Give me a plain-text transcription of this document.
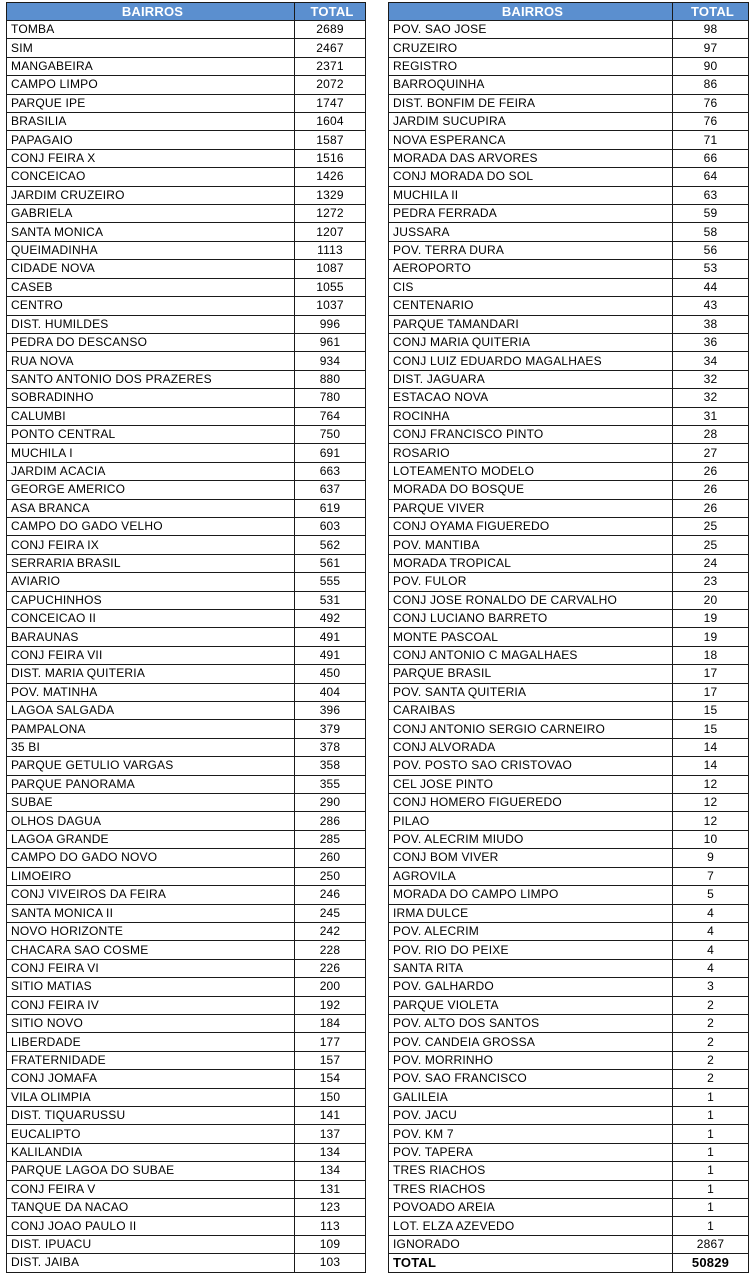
BAIRROS	TOTAL
TOMBA	2689
SIM	2467
MANGABEIRA	2371
CAMPO LIMPO	2072
PARQUE IPE	1747
BRASILIA	1604
PAPAGAIO	1587
CONJ FEIRA X	1516
CONCEICAO	1426
JARDIM CRUZEIRO	1329
GABRIELA	1272
SANTA MONICA	1207
QUEIMADINHA	1113
CIDADE NOVA	1087
CASEB	1055
CENTRO	1037
DIST. HUMILDES	996
PEDRA DO DESCANSO	961
RUA NOVA	934
SANTO ANTONIO DOS PRAZERES	880
SOBRADINHO	780
CALUMBI	764
PONTO CENTRAL	750
MUCHILA I	691
JARDIM ACACIA	663
GEORGE AMERICO	637
ASA BRANCA	619
CAMPO DO GADO VELHO	603
CONJ FEIRA IX	562
SERRARIA BRASIL	561
AVIARIO	555
CAPUCHINHOS	531
CONCEICAO II	492
BARAUNAS	491
CONJ FEIRA VII	491
DIST. MARIA QUITERIA	450
POV. MATINHA	404
LAGOA SALGADA	396
PAMPALONA	379
35 BI	378
PARQUE GETULIO VARGAS	358
PARQUE PANORAMA	355
SUBAE	290
OLHOS DAGUA	286
LAGOA GRANDE	285
CAMPO DO GADO NOVO	260
LIMOEIRO	250
CONJ VIVEIROS DA FEIRA	246
SANTA MONICA II	245
NOVO HORIZONTE	242
CHACARA SAO COSME	228
CONJ FEIRA VI	226
SITIO MATIAS	200
CONJ FEIRA IV	192
SITIO NOVO	184
LIBERDADE	177
FRATERNIDADE	157
CONJ JOMAFA	154
VILA OLIMPIA	150
DIST. TIQUARUSSU	141
EUCALIPTO	137
KALILANDIA	134
PARQUE LAGOA DO SUBAE	134
CONJ FEIRA V	131
TANQUE DA NACAO	123
CONJ JOAO PAULO II	113
DIST. IPUACU	109
DIST. JAIBA	103
BAIRROS	TOTAL
POV. SAO JOSE	98
CRUZEIRO	97
REGISTRO	90
BARROQUINHA	86
DIST. BONFIM DE FEIRA	76
JARDIM SUCUPIRA	76
NOVA ESPERANCA	71
MORADA DAS ARVORES	66
CONJ MORADA DO SOL	64
MUCHILA II	63
PEDRA FERRADA	59
JUSSARA	58
POV. TERRA DURA	56
AEROPORTO	53
CIS	44
CENTENARIO	43
PARQUE TAMANDARI	38
CONJ MARIA QUITERIA	36
CONJ LUIZ EDUARDO MAGALHAES	34
DIST. JAGUARA	32
ESTACAO NOVA	32
ROCINHA	31
CONJ FRANCISCO PINTO	28
ROSARIO	27
LOTEAMENTO MODELO	26
MORADA DO BOSQUE	26
PARQUE VIVER	26
CONJ OYAMA FIGUEREDO	25
POV. MANTIBA	25
MORADA TROPICAL	24
POV. FULOR	23
CONJ JOSE RONALDO DE CARVALHO	20
CONJ LUCIANO BARRETO	19
MONTE PASCOAL	19
CONJ ANTONIO C MAGALHAES	18
PARQUE BRASIL	17
POV. SANTA QUITERIA	17
CARAIBAS	15
CONJ ANTONIO SERGIO CARNEIRO	15
CONJ ALVORADA	14
POV. POSTO SAO CRISTOVAO	14
CEL JOSE PINTO	12
CONJ HOMERO FIGUEREDO	12
PILAO	12
POV. ALECRIM MIUDO	10
CONJ BOM VIVER	9
AGROVILA	7
MORADA DO CAMPO LIMPO	5
IRMA DULCE	4
POV. ALECRIM	4
POV. RIO DO PEIXE	4
SANTA RITA	4
POV. GALHARDO	3
PARQUE VIOLETA	2
POV. ALTO DOS SANTOS	2
POV. CANDEIA GROSSA	2
POV. MORRINHO	2
POV. SAO FRANCISCO	2
GALILEIA	1
POV. JACU	1
POV. KM 7	1
POV. TAPERA	1
TRES RIACHOS	1
TRES RIACHOS	1
POVOADO AREIA	1
LOT. ELZA AZEVEDO	1
IGNORADO	2867
TOTAL	50829
